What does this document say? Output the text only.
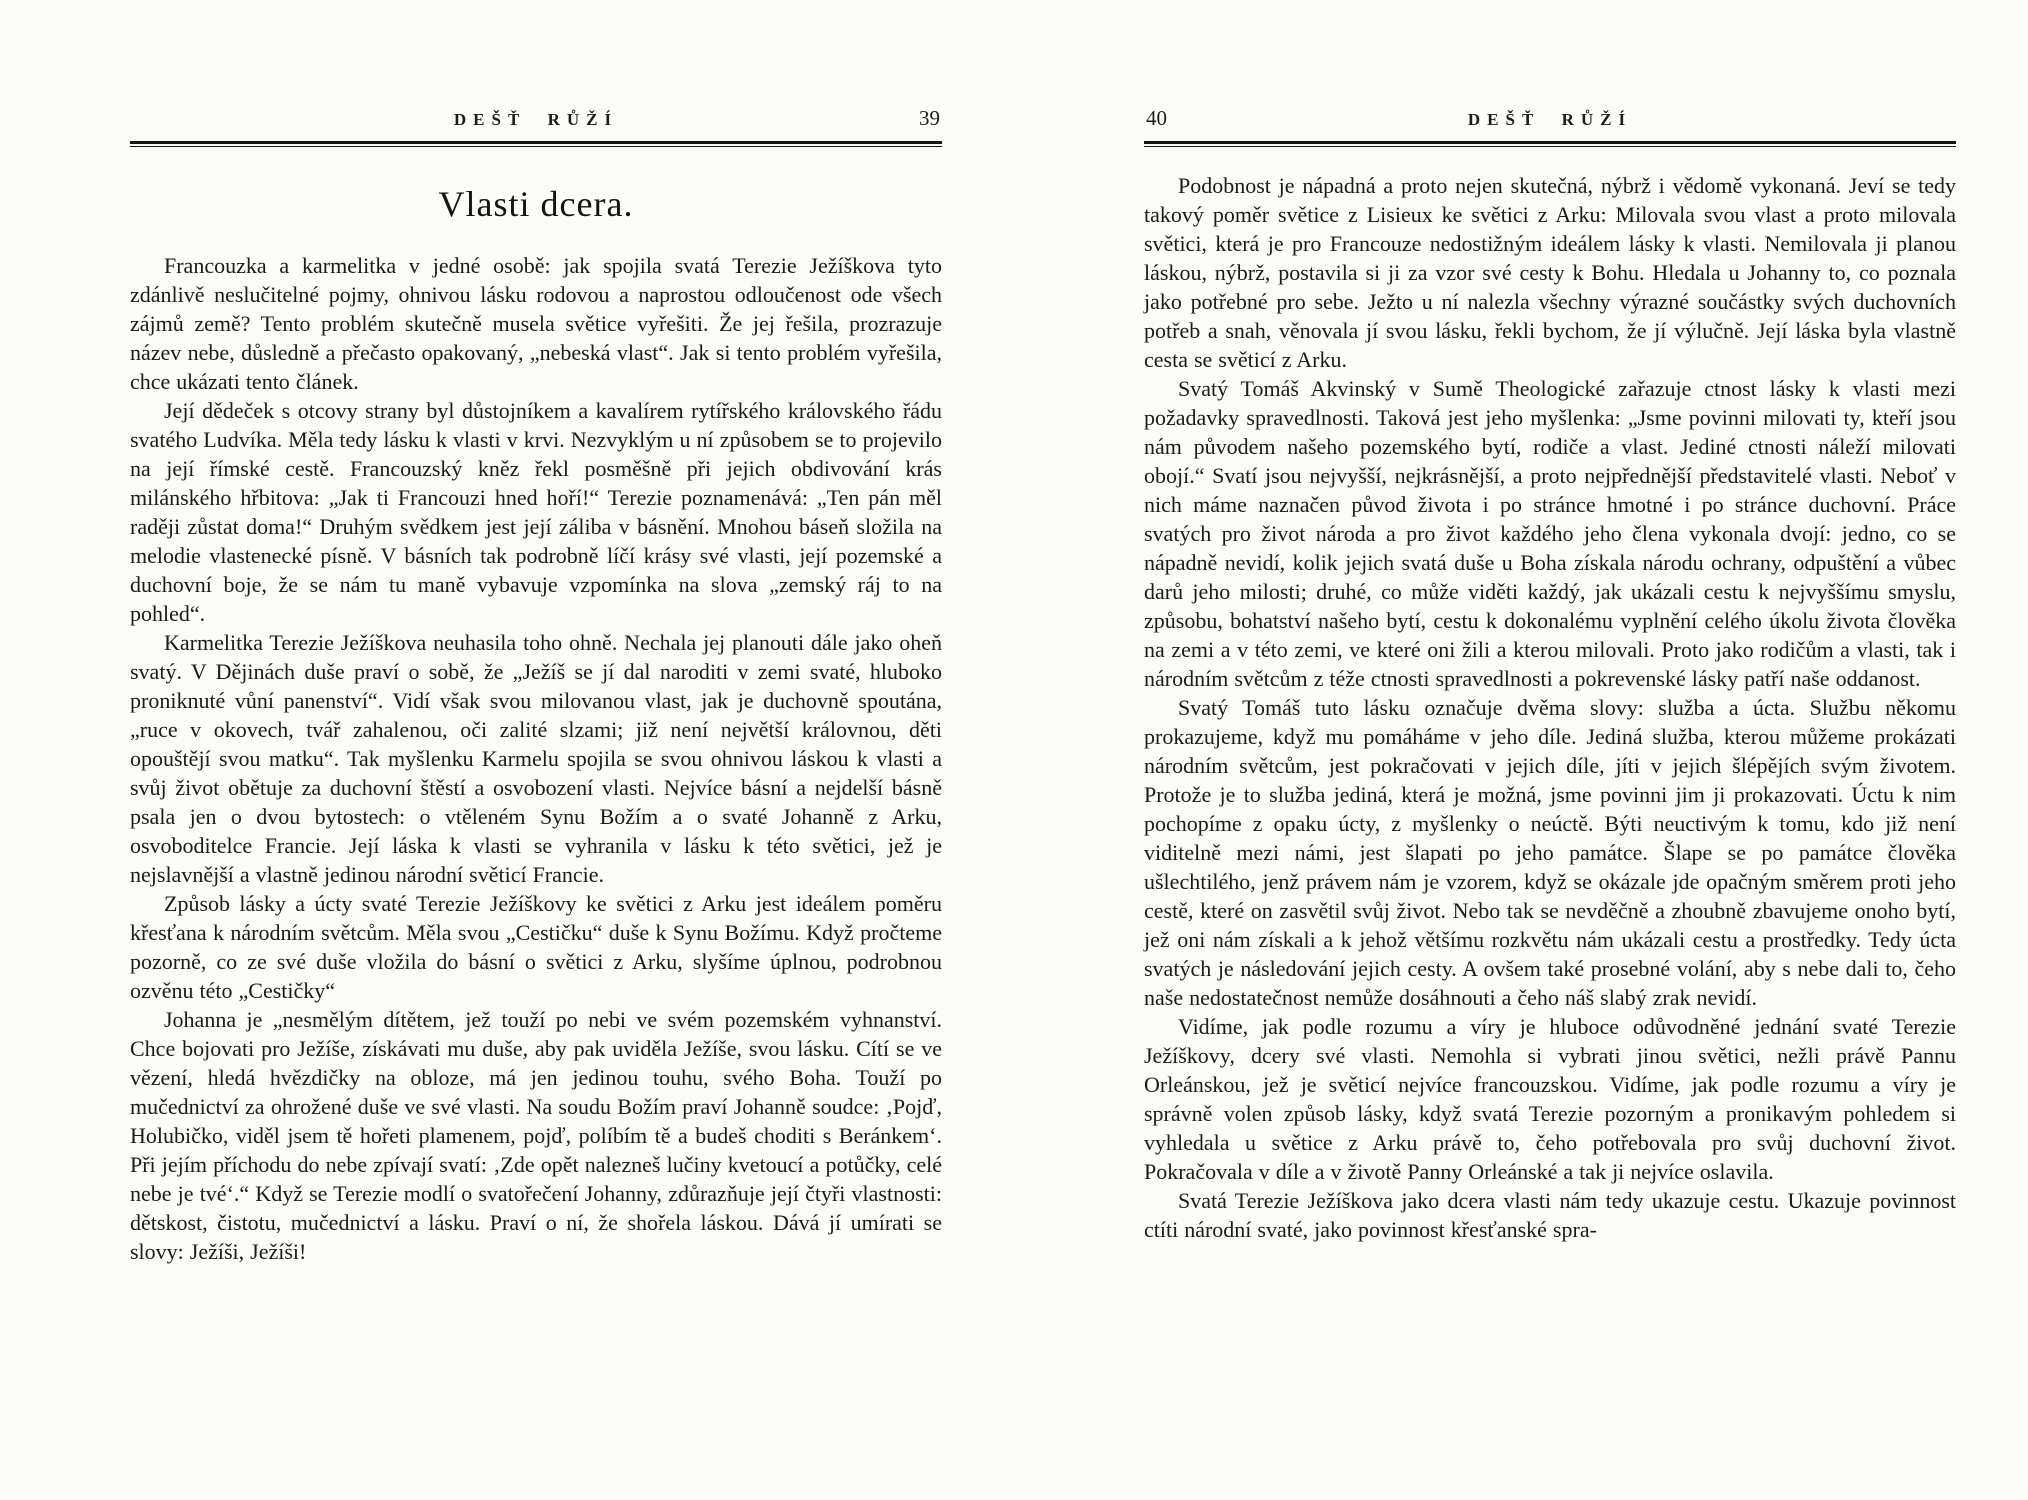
DEŠŤ RŮŽÍ	39
Vlasti dcera.

Francouzka a karmelitka v jedné osobě: jak spojila svatá Terezie Ježíškova tyto zdánlivě neslučitelné pojmy, ohnivou lásku rodovou a naprostou odloučenost ode všech zájmů země? Tento problém skutečně musela světice vyřešiti. Že jej řešila, prozrazuje název nebe, důsledně a přečasto opakovaný, „nebeská vlast“. Jak si tento problém vyřešila, chce ukázati tento článek.

Její dědeček s otcovy strany byl důstojníkem a kavalírem rytířského královského řádu svatého Ludvíka. Měla tedy lásku k vlasti v krvi. Nezvyklým u ní způsobem se to projevilo na její římské cestě. Francouzský kněz řekl posměšně při jejich obdivování krás milánského hřbitova: „Jak ti Francouzi hned hoří!“ Terezie poznamenává: „Ten pán měl raději zůstat doma!“ Druhým svědkem jest její záliba v básnění. Mnohou báseň složila na melodie vlastenecké písně. V básních tak podrobně líčí krásy své vlasti, její pozemské a duchovní boje, že se nám tu maně vybavuje vzpomínka na slova „zemský ráj to na pohled“.

Karmelitka Terezie Ježíškova neuhasila toho ohně. Nechala jej planouti dále jako oheň svatý. V Dějinách duše praví o sobě, že „Ježíš se jí dal naroditi v zemi svaté, hluboko proniknuté vůní panenství“. Vidí však svou milovanou vlast, jak je duchovně spoutána, „ruce v okovech, tvář zahalenou, oči zalité slzami; již není největší královnou, děti opouštějí svou matku“. Tak myšlenku Karmelu spojila se svou ohnivou láskou k vlasti a svůj život obětuje za duchovní štěstí a osvobození vlasti. Nejvíce básní a nejdelší básně psala jen o dvou bytostech: o vtěleném Synu Božím a o svaté Johanně z Arku, osvoboditelce Francie. Její láska k vlasti se vyhranila v lásku k této světici, jež je nejslavnější a vlastně jedinou národní světicí Francie.

Způsob lásky a úcty svaté Terezie Ježíškovy ke světici z Arku jest ideálem poměru křesťana k národním světcům. Měla svou „Cestičku“ duše k Synu Božímu. Když pročteme pozorně, co ze své duše vložila do básní o světici z Arku, slyšíme úplnou, podrobnou ozvěnu této „Cestičky“

Johanna je „nesmělým dítětem, jež touží po nebi ve svém pozemském vyhnanství. Chce bojovati pro Ježíše, získávati mu duše, aby pak uviděla Ježíše, svou lásku. Cítí se ve vězení, hledá hvězdičky na obloze, má jen jedinou touhu, svého Boha. Touží po mučednictví za ohrožené duše ve své vlasti. Na soudu Božím praví Johanně soudce: ‚Pojď, Holubičko, viděl jsem tě hořeti plamenem, pojď, políbím tě a budeš choditi s Beránkem‘. Při jejím příchodu do nebe zpívají svatí: ‚Zde opět nalezneš lučiny kvetoucí a potůčky, celé nebe je tvé‘.“ Když se Terezie modlí o svatořečení Johanny, zdůrazňuje její čtyři vlastnosti: dětskost, čistotu, mučednictví a lásku. Praví o ní, že shořela láskou. Dává jí umírati se slovy: Ježíši, Ježíši!

DEŠŤ RŮŽÍ
40

Podobnost je nápadná a proto nejen skutečná, nýbrž i vědomě vykonaná. Jeví se tedy takový poměr světice z Lisieux ke světici z Arku: Milovala svou vlast a proto milovala světici, která je pro Francouze nedostižným ideálem lásky k vlasti. Nemilovala ji planou láskou, nýbrž, postavila si ji za vzor své cesty k Bohu. Hledala u Johanny to, co poznala jako potřebné pro sebe. Ježto u ní nalezla všechny výrazné součástky svých duchovních potřeb a snah, věnovala jí svou lásku, řekli bychom, že jí výlučně. Její láska byla vlastně cesta se světicí z Arku.

Svatý Tomáš Akvinský v Sumě Theologické zařazuje ctnost lásky k vlasti mezi požadavky spravedlnosti. Taková jest jeho myšlenka: „Jsme povinni milovati ty, kteří jsou nám původem našeho pozemského bytí, rodiče a vlast. Jediné ctnosti náleží milovati obojí.“ Svatí jsou nejvyšší, nejkrásnější, a proto nejpřednější představitelé vlasti. Neboť v nich máme naznačen původ života i po stránce hmotné i po stránce duchovní. Práce svatých pro život národa a pro život každého jeho člena vykonala dvojí: jedno, co se nápadně nevidí, kolik jejich svatá duše u Boha získala národu ochrany, odpuštění a vůbec darů jeho milosti; druhé, co může viděti každý, jak ukázali cestu k nejvyššímu smyslu, způsobu, bohatství našeho bytí, cestu k dokonalému vyplnění celého úkolu života člověka na zemi a v této zemi, ve které oni žili a kterou milovali. Proto jako rodičům a vlasti, tak i národním světcům z téže ctnosti spravedlnosti a pokrevenské lásky patří naše oddanost.

Svatý Tomáš tuto lásku označuje dvěma slovy: služba a úcta. Službu někomu prokazujeme, když mu pomáháme v jeho díle. Jediná služba, kterou můžeme prokázati národním světcům, jest pokračovati v jejich díle, jíti v jejich šlépějích svým životem. Protože je to služba jediná, která je možná, jsme povinni jim ji prokazovati. Úctu k nim pochopíme z opaku úcty, z myšlenky o neúctě. Býti neuctivým k tomu, kdo již není viditelně mezi námi, jest šlapati po jeho památce. Šlape se po památce člověka ušlechtilého, jenž právem nám je vzorem, když se okázale jde opačným směrem proti jeho cestě, které on zasvětil svůj život. Nebo tak se nevděčně a zhoubně zbavujeme onoho bytí, jež oni nám získali a k jehož většímu rozkvětu nám ukázali cestu a prostředky. Tedy úcta svatých je následování jejich cesty. A ovšem také prosebné volání, aby s nebe dali to, čeho naše nedostatečnost nemůže dosáhnouti a čeho náš slabý zrak nevidí.

Vidíme, jak podle rozumu a víry je hluboce odůvodněné jednání svaté Terezie Ježíškovy, dcery své vlasti. Nemohla si vybrati jinou světici, nežli právě Pannu Orleánskou, jež je světicí nejvíce francouzskou. Vidíme, jak podle rozumu a víry je správně volen způsob lásky, když svatá Terezie pozorným a pronikavým pohledem si vyhledala u světice z Arku právě to, čeho potřebovala pro svůj duchovní život. Pokračovala v díle a v životě Panny Orleánské a tak ji nejvíce oslavila.

Svatá Terezie Ježíškova jako dcera vlasti nám tedy ukazuje cestu. Ukazuje povinnost ctíti národní svaté, jako povinnost křesťanské spra-
